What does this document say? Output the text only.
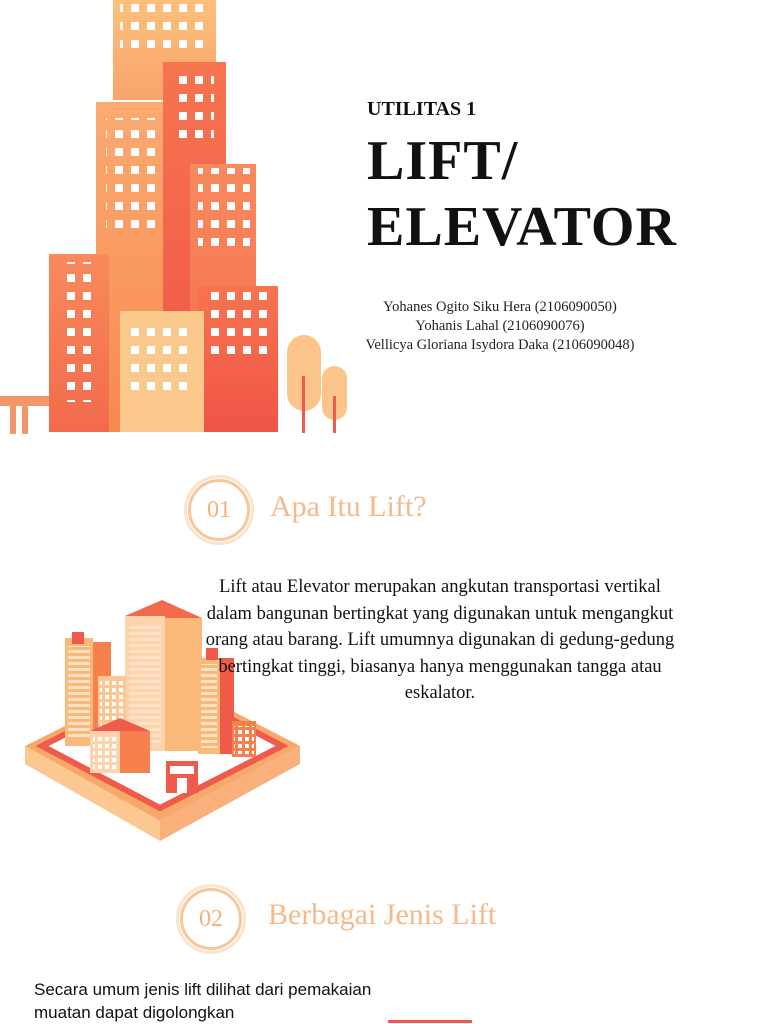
UTILITAS 1
LIFT/
ELEVATOR
Yohanes Ogito Siku Hera (2106090050)
Yohanis Lahal (2106090076)
Vellicya Gloriana Isydora Daka (2106090048)
01	Apa Itu Lift?
Lift atau Elevator merupakan angkutan transportasi vertikal dalam bangunan bertingkat yang digunakan untuk mengangkut orang atau barang. Lift umumnya digunakan di gedung-gedung bertingkat tinggi, biasanya hanya menggunakan tangga atau eskalator.
02	Berbagai Jenis Lift
Secara umum jenis lift dilihat dari pemakaian muatan dapat digolongkan
